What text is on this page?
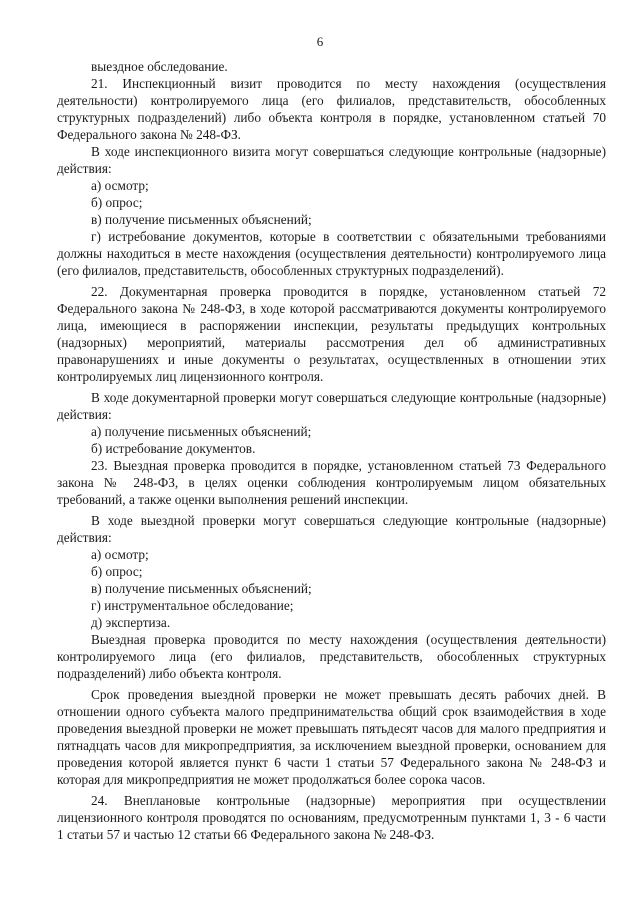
6

выездное обследование.

21. Инспекционный визит проводится по месту нахождения (осуществления деятельности) контролируемого лица (его филиалов, представительств, обособленных структурных подразделений) либо объекта контроля в порядке, установленном статьей 70 Федерального закона № 248-ФЗ.

В ходе инспекционного визита могут совершаться следующие контрольные (надзорные) действия:

а) осмотр;

б) опрос;

в) получение письменных объяснений;

г) истребование документов, которые в соответствии с обязательными требованиями должны находиться в месте нахождения (осуществления деятельности) контролируемого лица (его филиалов, представительств, обособленных структурных подразделений).

22. Документарная проверка проводится в порядке, установленном статьей 72 Федерального закона № 248-ФЗ, в ходе которой рассматриваются документы контролируемого лица, имеющиеся в распоряжении инспекции, результаты предыдущих контрольных (надзорных) мероприятий, материалы рассмотрения дел об административных правонарушениях и иные документы о результатах, осуществленных в отношении этих контролируемых лиц лицензионного контроля.

В ходе документарной проверки могут совершаться следующие контрольные (надзорные) действия:

а) получение письменных объяснений;

б) истребование документов.

23. Выездная проверка проводится в порядке, установленном статьей 73 Федерального закона № 248-ФЗ, в целях оценки соблюдения контролируемым лицом обязательных требований, а также оценки выполнения решений инспекции.

В ходе выездной проверки могут совершаться следующие контрольные (надзорные) действия:

а) осмотр;

б) опрос;

в) получение письменных объяснений;

г) инструментальное обследование;

д) экспертиза.

Выездная проверка проводится по месту нахождения (осуществления деятельности) контролируемого лица (его филиалов, представительств, обособленных структурных подразделений) либо объекта контроля.

Срок проведения выездной проверки не может превышать десять рабочих дней. В отношении одного субъекта малого предпринимательства общий срок взаимодействия в ходе проведения выездной проверки не может превышать пятьдесят часов для малого предприятия и пятнадцать часов для микропредприятия, за исключением выездной проверки, основанием для проведения которой является пункт 6 части 1 статьи 57 Федерального закона № 248-ФЗ и которая для микропредприятия не может продолжаться более сорока часов.

24. Внеплановые контрольные (надзорные) мероприятия при осуществлении лицензионного контроля проводятся по основаниям, предусмотренным пунктами 1, 3 - 6 части 1 статьи 57 и частью 12 статьи 66 Федерального закона № 248-ФЗ.
